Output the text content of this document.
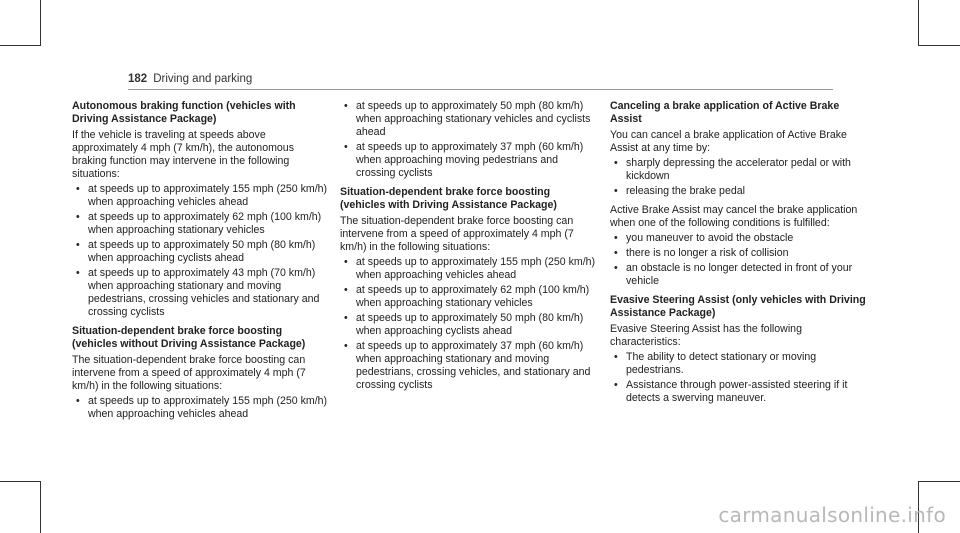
182 Driving and parking
Autonomous braking function (vehicles with Driving Assistance Package)

If the vehicle is traveling at speeds above approximately 4 mph (7 km/h), the autonomous braking function may intervene in the following situations:

• at speeds up to approximately 155 mph (250 km/h) when approaching vehicles ahead
• at speeds up to approximately 62 mph (100 km/h) when approaching stationary vehicles
• at speeds up to approximately 50 mph (80 km/h) when approaching cyclists ahead
• at speeds up to approximately 43 mph (70 km/h) when approaching stationary and moving pedestrians, crossing vehicles and stationary and crossing cyclists
Situation-dependent brake force boosting (vehicles without Driving Assistance Package)

The situation-dependent brake force boosting can intervene from a speed of approximately 4 mph (7 km/h) in the following situations:

• at speeds up to approximately 155 mph (250 km/h) when approaching vehicles ahead
• at speeds up to approximately 50 mph (80 km/h) when approaching stationary vehicles and cyclists ahead
• at speeds up to approximately 37 mph (60 km/h) when approaching moving pedestrians and crossing cyclists
Situation-dependent brake force boosting (vehicles with Driving Assistance Package)

The situation-dependent brake force boosting can intervene from a speed of approximately 4 mph (7 km/h) in the following situations:

• at speeds up to approximately 155 mph (250 km/h) when approaching vehicles ahead
• at speeds up to approximately 62 mph (100 km/h) when approaching stationary vehicles
• at speeds up to approximately 50 mph (80 km/h) when approaching cyclists ahead
• at speeds up to approximately 37 mph (60 km/h) when approaching stationary and moving pedestrians, crossing vehicles, and stationary and crossing cyclists
Canceling a brake application of Active Brake Assist

You can cancel a brake application of Active Brake Assist at any time by:

• sharply depressing the accelerator pedal or with kickdown
• releasing the brake pedal

Active Brake Assist may cancel the brake application when one of the following conditions is fulfilled:

• you maneuver to avoid the obstacle
• there is no longer a risk of collision
• an obstacle is no longer detected in front of your vehicle
Evasive Steering Assist (only vehicles with Driving Assistance Package)

Evasive Steering Assist has the following characteristics:

• The ability to detect stationary or moving pedestrians.
• Assistance through power-assisted steering if it detects a swerving maneuver.
carmanualsonline.info
